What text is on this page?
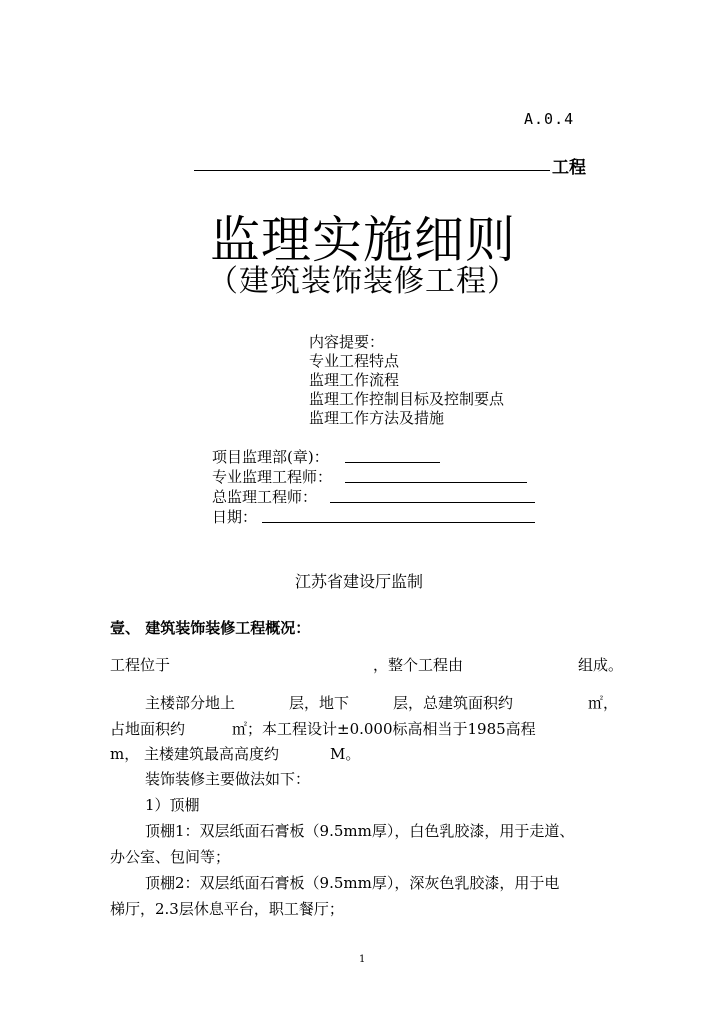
A.0.4
工程
监理实施细则
（建筑装饰装修工程）
内容提要：
专业工程特点
监理工作流程
监理工作控制目标及控制要点
监理工作方法及措施
项目监理部(章)：
专业监理工程师：
总监理工程师：
日期：
江苏省建设厅监制
壹、 建筑装饰装修工程概况：
工程位于	，整个工程由	组成。
主楼部分地上	层，地下	层，总建筑面积约	㎡，
占地面积约	㎡；本工程设计±0.000标高相当于1985高程
m， 主楼建筑最高高度约	M。
装饰装修主要做法如下：
1）顶棚
顶棚1：双层纸面石膏板（9.5mm厚），白色乳胶漆，用于走道、
办公室、包间等；
顶棚2：双层纸面石膏板（9.5mm厚），深灰色乳胶漆，用于电
梯厅，2.3层休息平台，职工餐厅；
1
